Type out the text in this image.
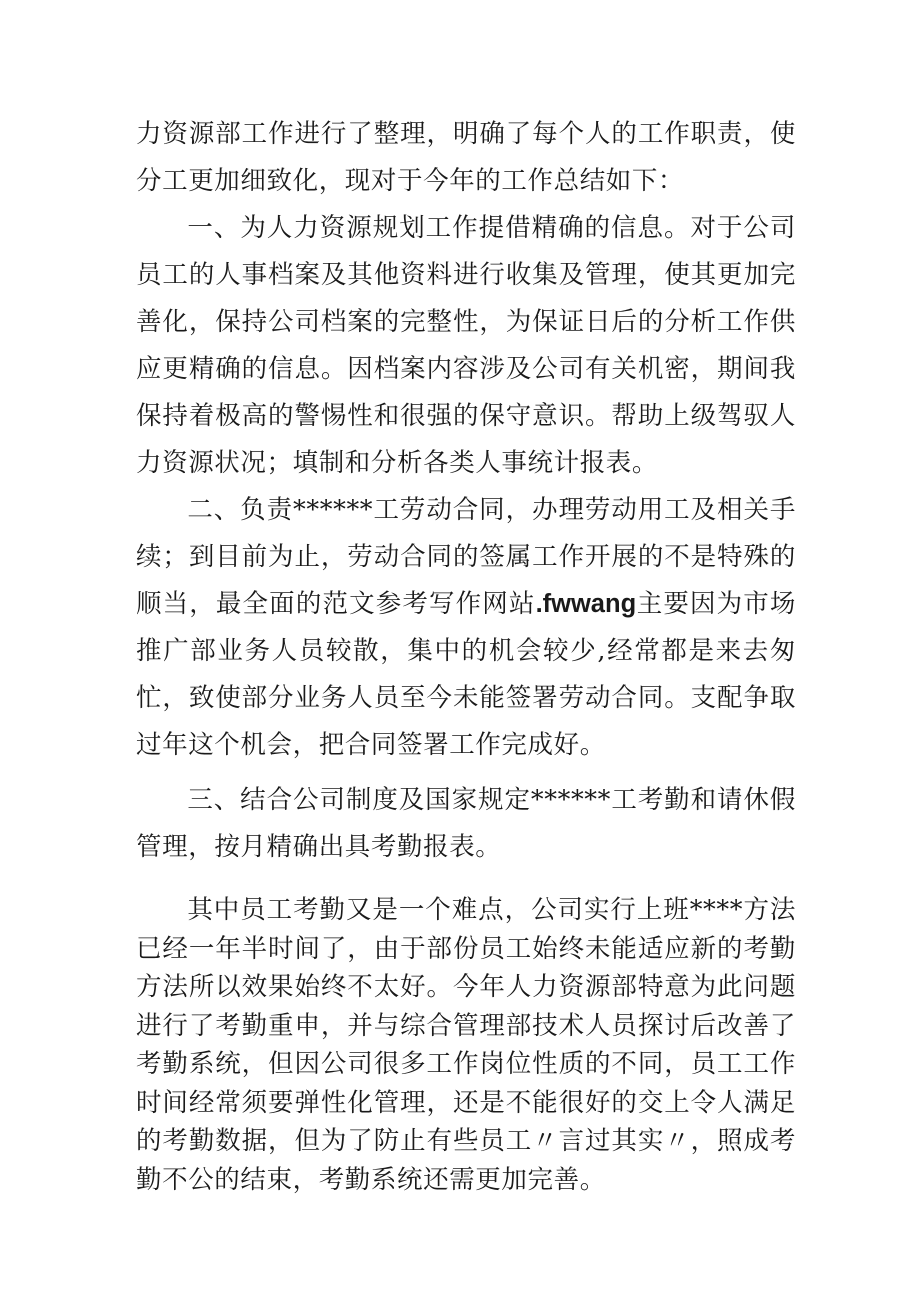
力资源部工作进行了整理，明确了每个人的工作职责，使分工更加细致化，现对于今年的工作总结如下：

一、为人力资源规划工作提借精确的信息。对于公司员工的人事档案及其他资料进行收集及管理，使其更加完善化，保持公司档案的完整性，为保证日后的分析工作供应更精确的信息。因档案内容涉及公司有关机密，期间我保持着极高的警惕性和很强的保守意识。帮助上级驾驭人力资源状况；填制和分析各类人事统计报表。

二、负责******工劳动合同，办理劳动用工及相关手续；到目前为止，劳动合同的签属工作开展的不是特殊的顺当，最全面的范文参考写作网站.fwwang主要因为市场推广部业务人员较散，集中的机会较少,经常都是来去匆忙，致使部分业务人员至今未能签署劳动合同。支配争取过年这个机会，把合同签署工作完成好。

三、结合公司制度及国家规定******工考勤和请休假管理，按月精确出具考勤报表。

其中员工考勤又是一个难点，公司实行上班****方法已经一年半时间了，由于部份员工始终未能适应新的考勤方法所以效果始终不太好。今年人力资源部特意为此问题进行了考勤重申，并与综合管理部技术人员探讨后改善了考勤系统，但因公司很多工作岗位性质的不同，员工工作时间经常须要弹性化管理，还是不能很好的交上令人满足的考勤数据，但为了防止有些员工〃言过其实〃，照成考勤不公的结束，考勤系统还需更加完善。
